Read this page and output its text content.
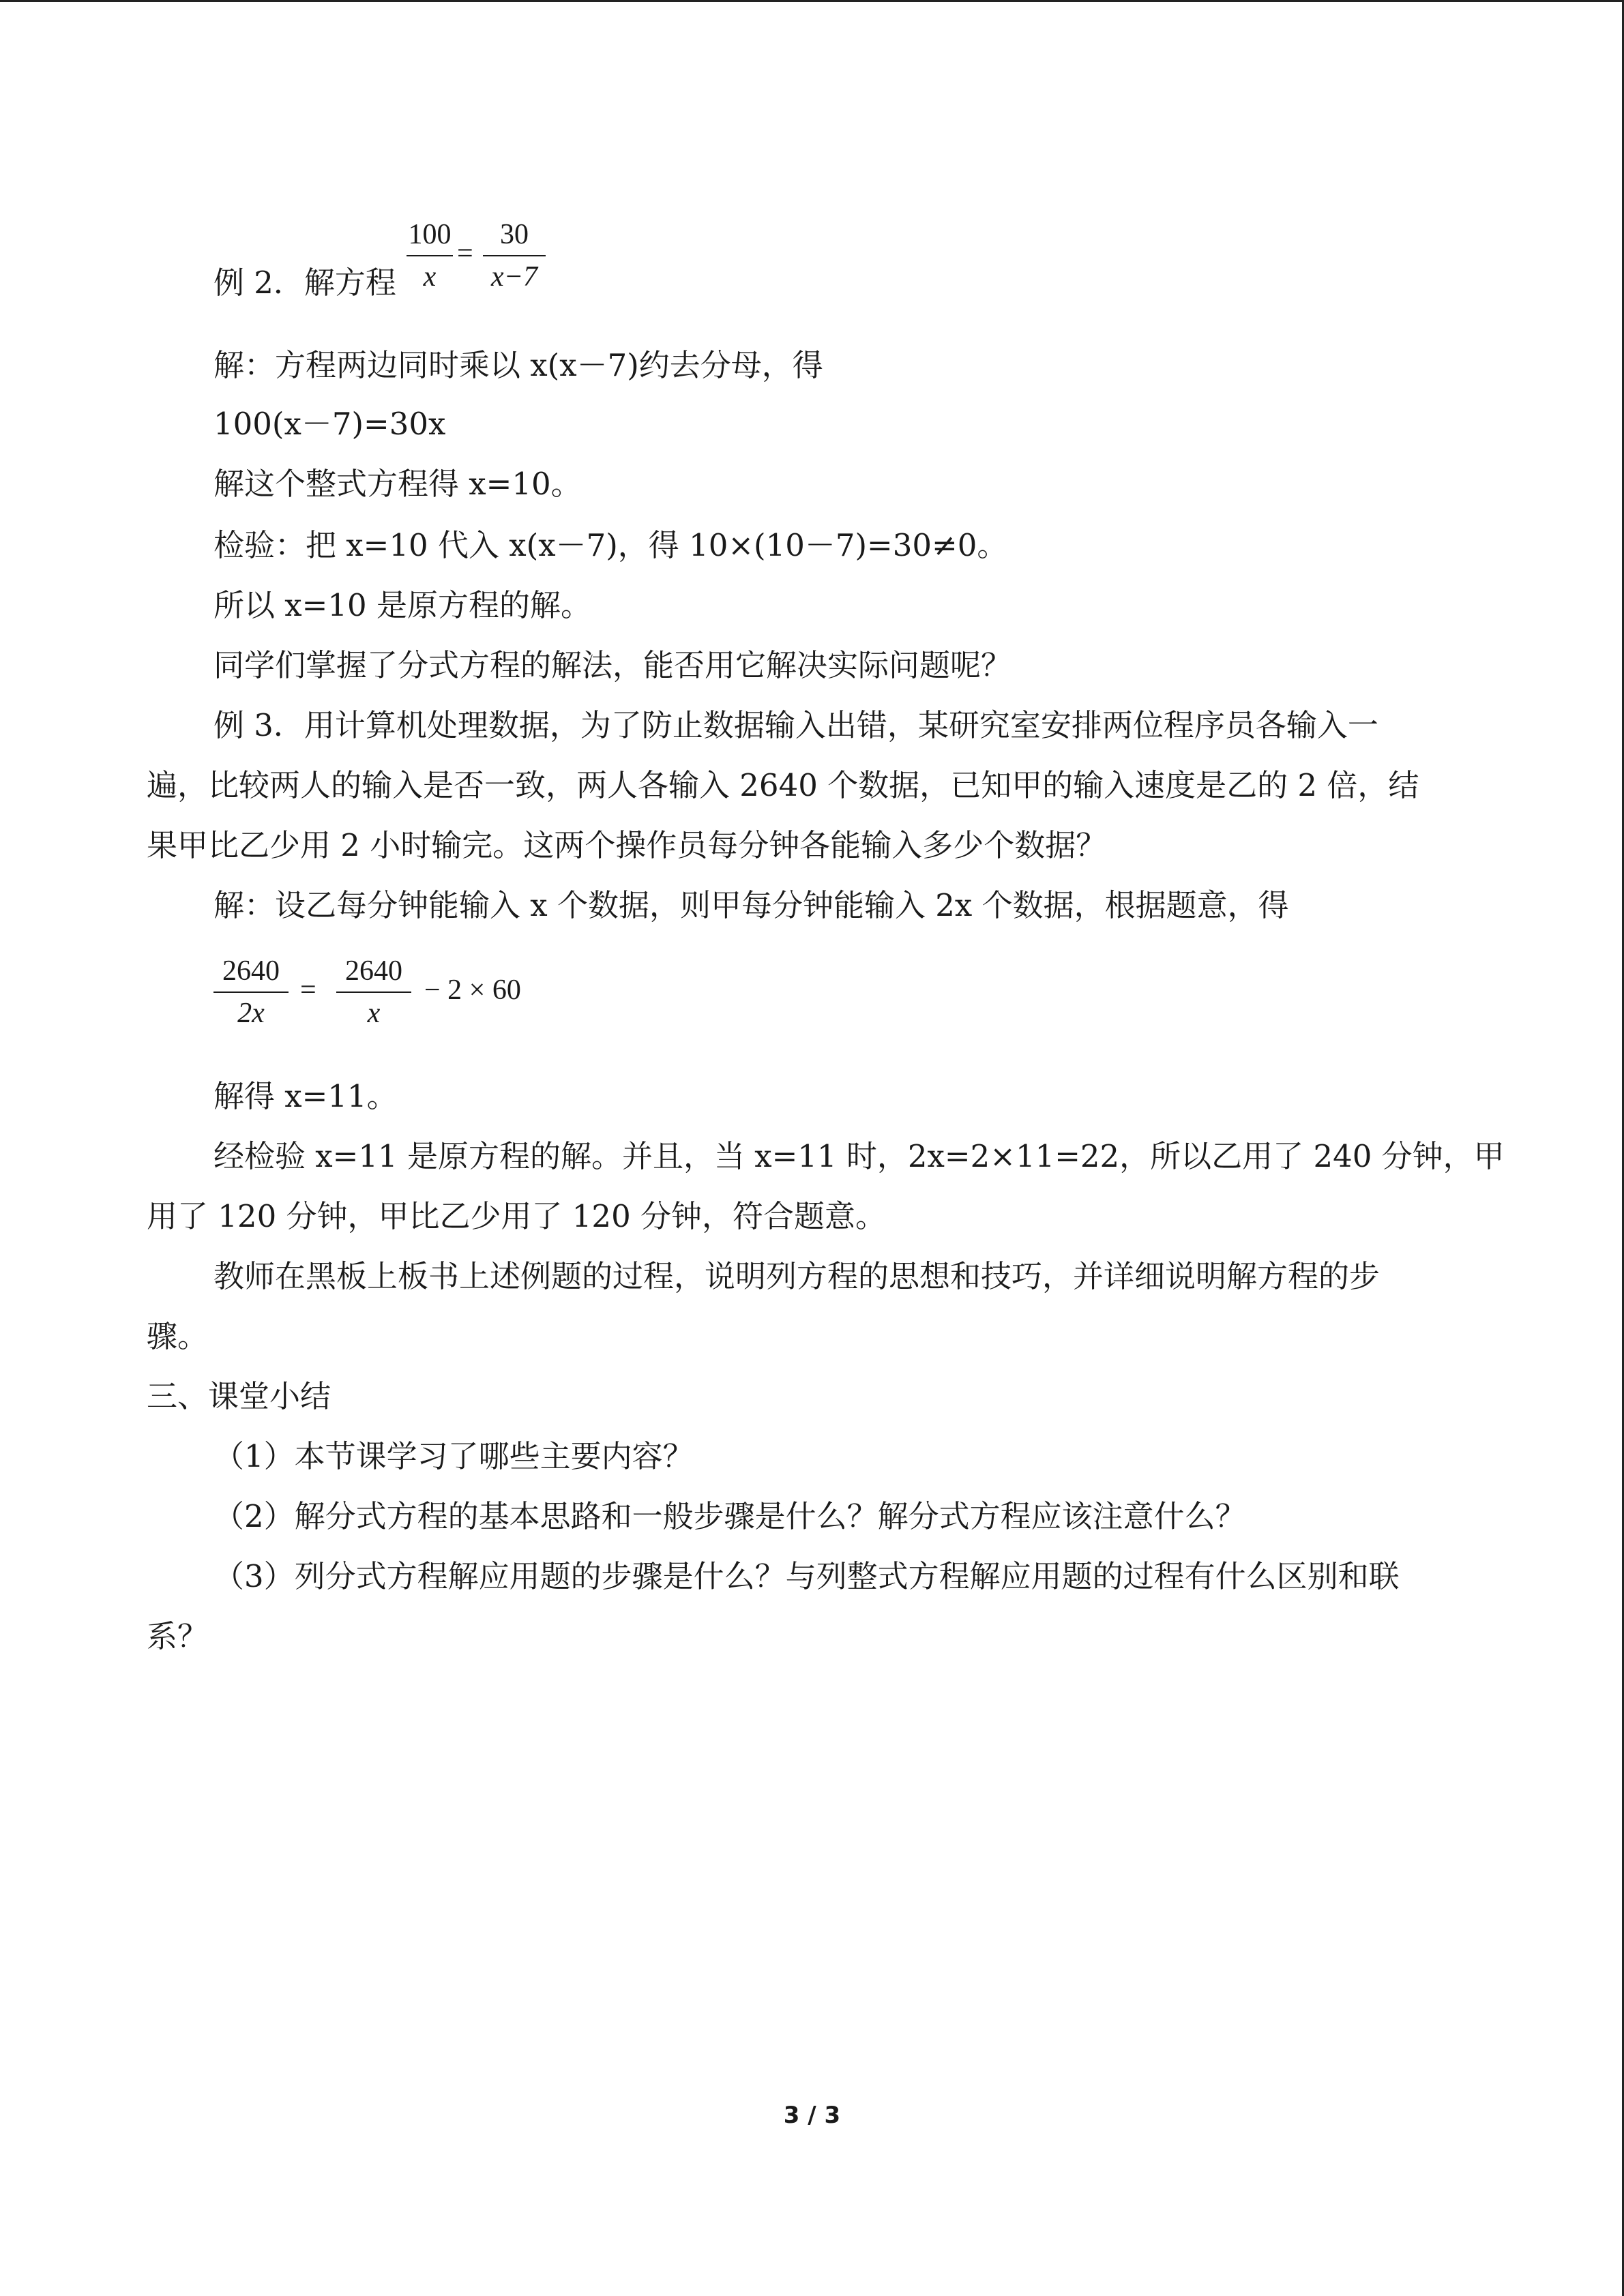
例 2．解方程
100
x
=
30
x−7
解：方程两边同时乘以 x(x－7)约去分母，得
100(x－7)=30x
解这个整式方程得 x=10。
检验：把 x=10 代入 x(x－7)，得 10×(10－7)=30≠0。
所以 x=10 是原方程的解。
同学们掌握了分式方程的解法，能否用它解决实际问题呢？
例 3．用计算机处理数据，为了防止数据输入出错，某研究室安排两位程序员各输入一
遍，比较两人的输入是否一致，两人各输入 2640 个数据，已知甲的输入速度是乙的 2 倍，结
果甲比乙少用 2 小时输完。这两个操作员每分钟各能输入多少个数据？
解：设乙每分钟能输入 x 个数据，则甲每分钟能输入 2x 个数据，根据题意，得
2640
2x
=
2640
x
− 2 × 60
解得 x=11。
经检验 x=11 是原方程的解。并且，当 x=11 时，2x=2×11=22，所以乙用了 240 分钟，甲
用了 120 分钟，甲比乙少用了 120 分钟，符合题意。
教师在黑板上板书上述例题的过程，说明列方程的思想和技巧，并详细说明解方程的步
骤。
三、课堂小结
（1）本节课学习了哪些主要内容？
（2）解分式方程的基本思路和一般步骤是什么？解分式方程应该注意什么？
（3）列分式方程解应用题的步骤是什么？与列整式方程解应用题的过程有什么区别和联
系？
3 / 3
